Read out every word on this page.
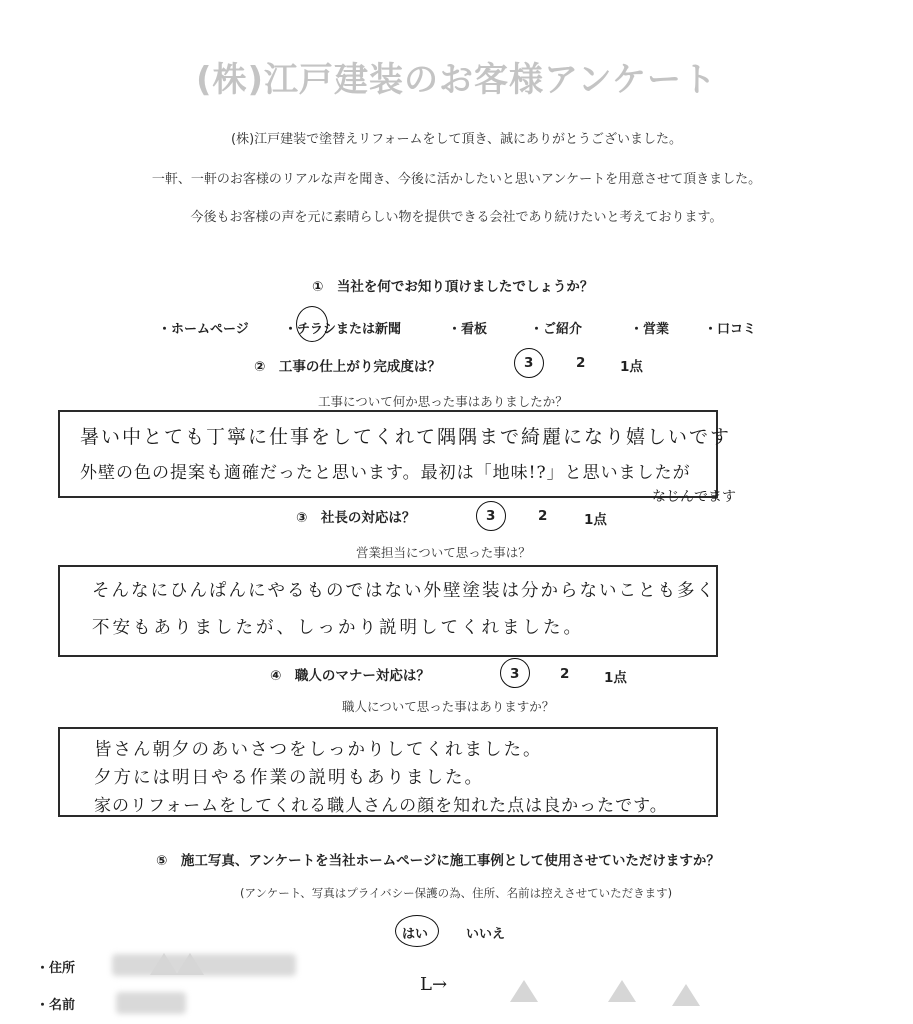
(株)江戸建装のお客様アンケート
(株)江戸建装で塗替えリフォームをして頂き、誠にありがとうございました。
一軒、一軒のお客様のリアルな声を聞き、今後に活かしたいと思いアンケートを用意させて頂きました。
今後もお客様の声を元に素晴らしい物を提供できる会社であり続けたいと考えております。
①　当社を何でお知り頂けましたでしょうか？
・ホームページ	・チラシまたは新聞	・看板	・ご紹介	・営業	・口コミ
②　工事の仕上がり完成度は？	3	2	1点
工事について何か思った事はありましたか？
暑い中とても丁寧に仕事をしてくれて隅隅まで綺麗になり嬉しいです
外壁の色の提案も適確だったと思います。最初は「地味!?」と思いましたが
なじんでます
③　社長の対応は？	3	2	1点
営業担当について思った事は？
そんなにひんぱんにやるものではない外壁塗装は分からないことも多く
不安もありましたが、しっかり説明してくれました。
④　職人のマナー対応は？	3	2	1点
職人について思った事はありますか？
皆さん朝夕のあいさつをしっかりしてくれました。
夕方には明日やる作業の説明もありました。
家のリフォームをしてくれる職人さんの顔を知れた点は良かったです。
⑤　施工写真、アンケートを当社ホームページに施工事例として使用させていただけますか？
(アンケート、写真はプライバシー保護の為、住所、名前は控えさせていただきます)
はい	いいえ
・住所
・名前
L→
